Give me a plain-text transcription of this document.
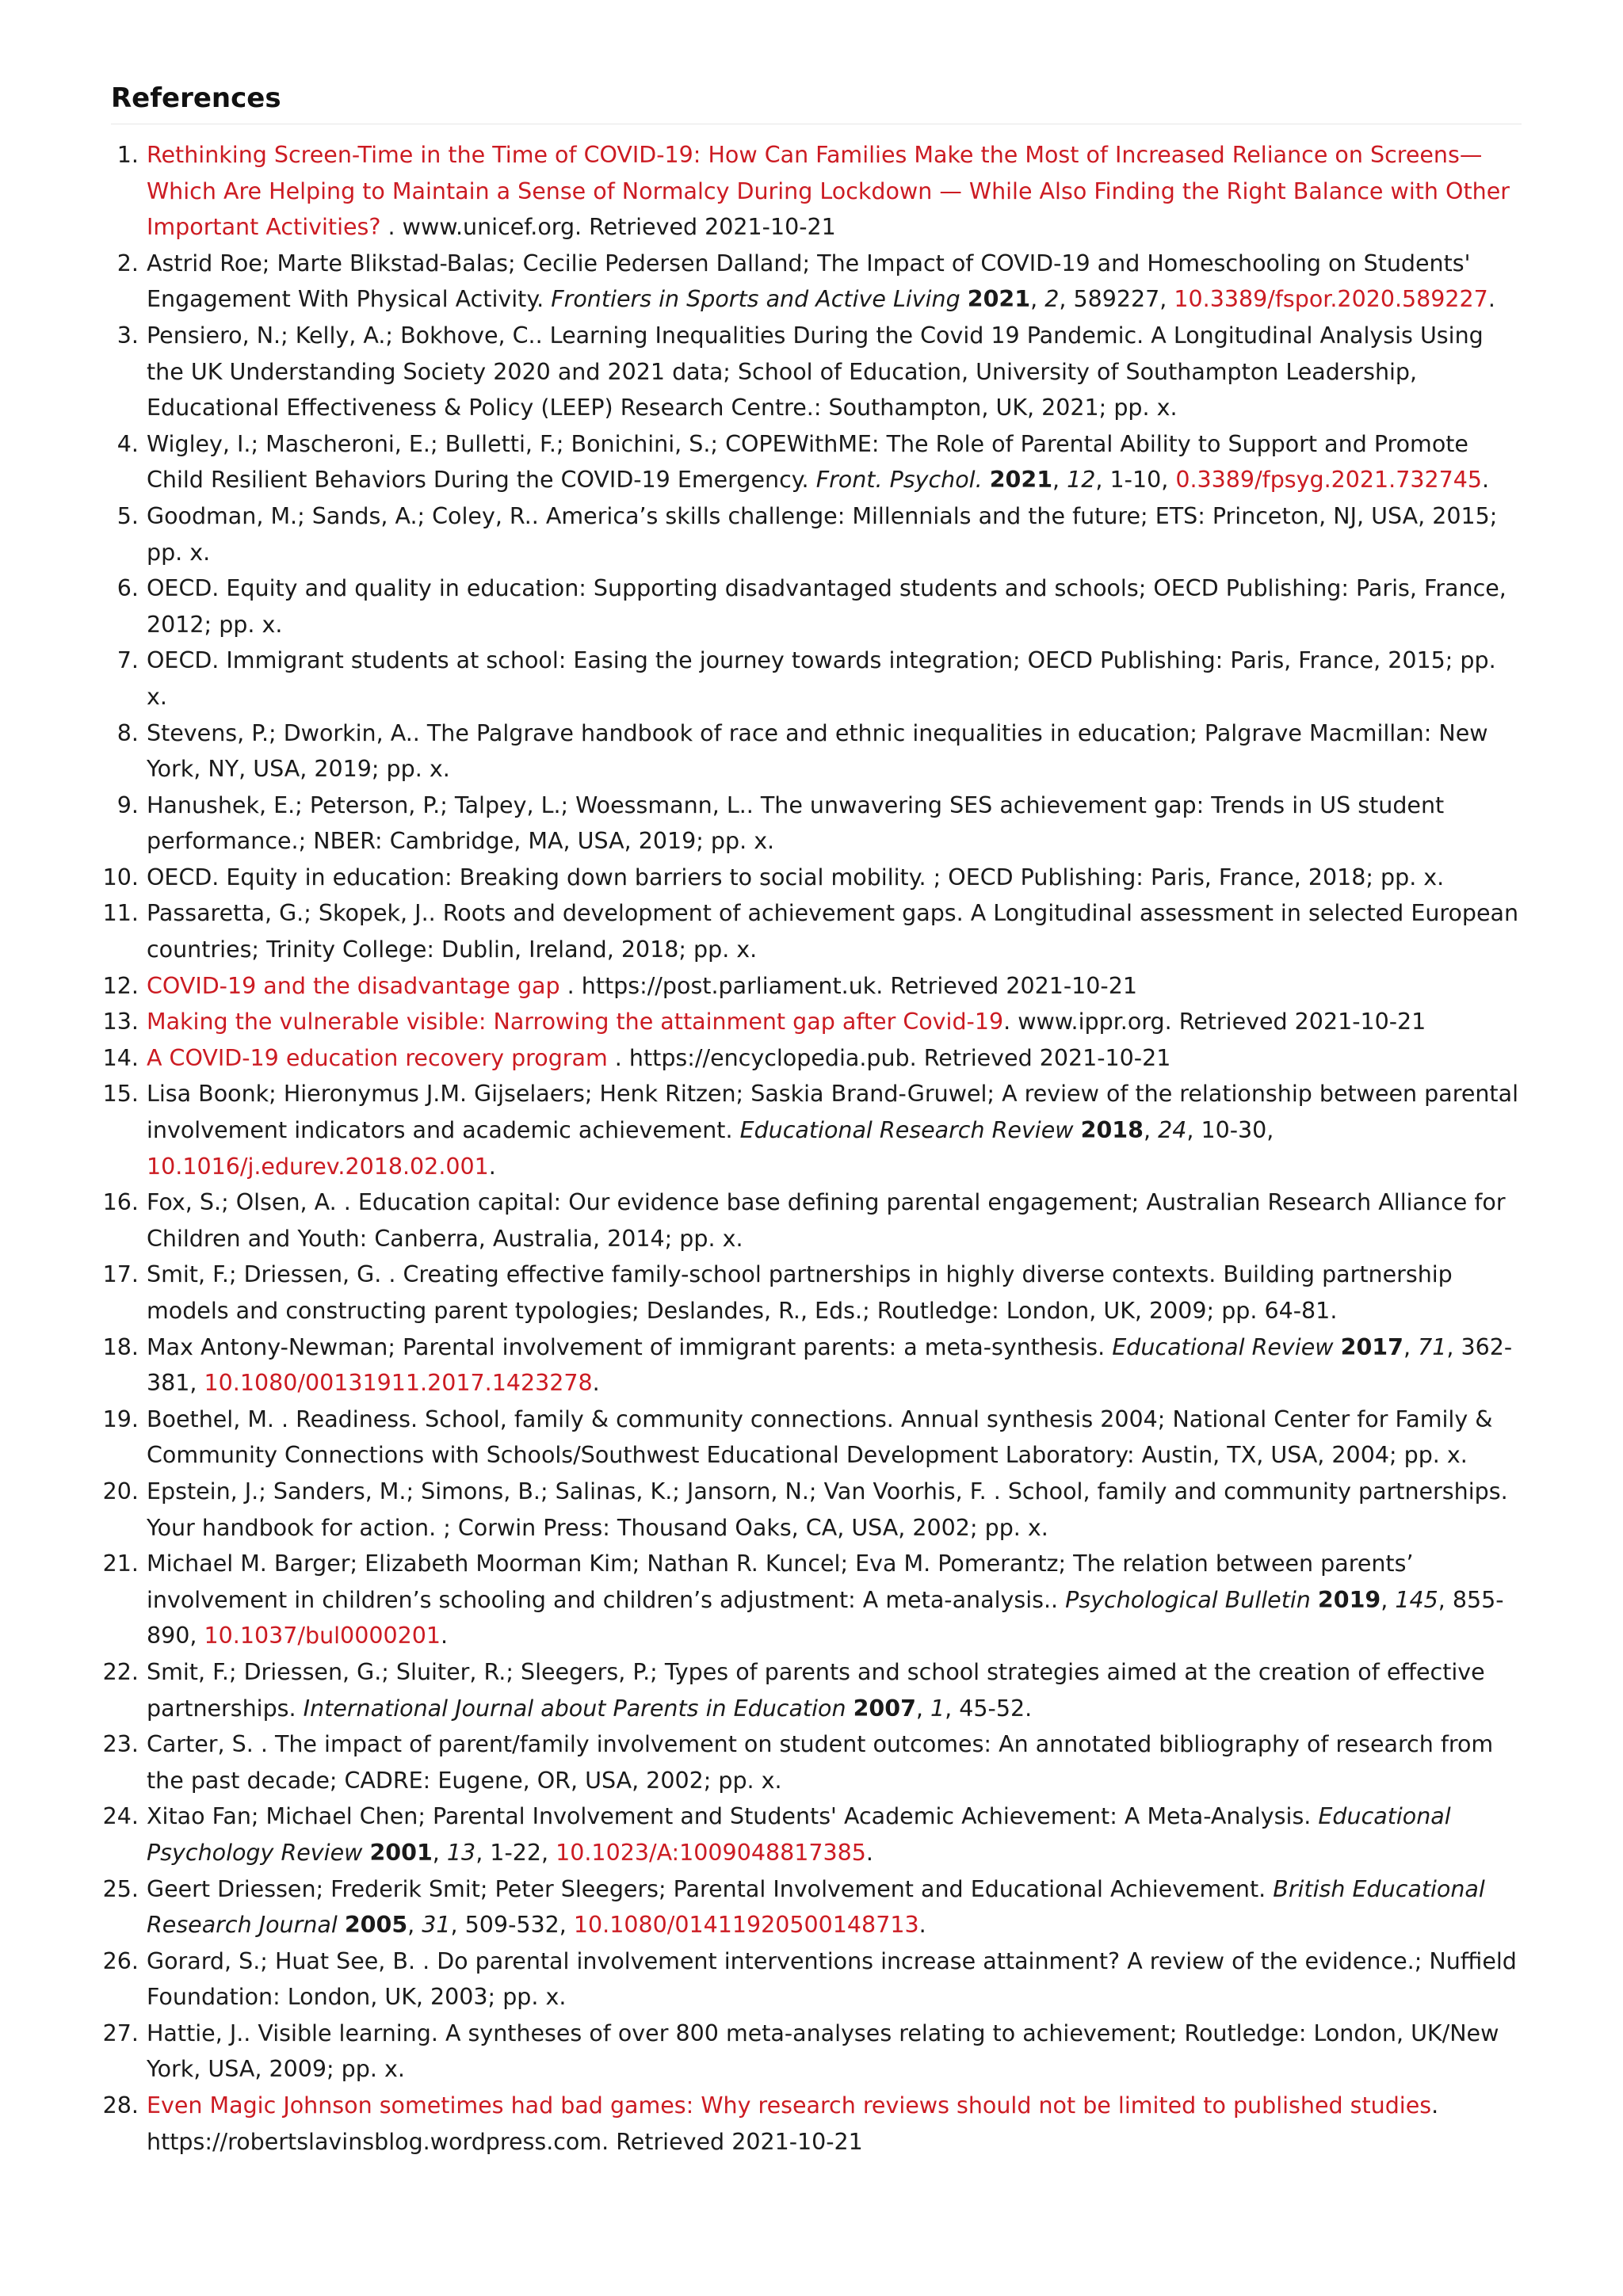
References
1. Rethinking Screen-Time in the Time of COVID-19: How Can Families Make the Most of Increased Reliance on Screens—Which Are Helping to Maintain a Sense of Normalcy During Lockdown — While Also Finding the Right Balance with Other Important Activities? . www.unicef.org. Retrieved 2021-10-21
2. Astrid Roe; Marte Blikstad-Balas; Cecilie Pedersen Dalland; The Impact of COVID-19 and Homeschooling on Students' Engagement With Physical Activity. Frontiers in Sports and Active Living 2021, 2, 589227, 10.3389/fspor.2020.589227.
3. Pensiero, N.; Kelly, A.; Bokhove, C.. Learning Inequalities During the Covid 19 Pandemic. A Longitudinal Analysis Using the UK Understanding Society 2020 and 2021 data; School of Education, University of Southampton Leadership, Educational Effectiveness & Policy (LEEP) Research Centre.: Southampton, UK, 2021; pp. x.
4. Wigley, I.; Mascheroni, E.; Bulletti, F.; Bonichini, S.; COPEWithME: The Role of Parental Ability to Support and Promote Child Resilient Behaviors During the COVID-19 Emergency. Front. Psychol. 2021, 12, 1-10, 0.3389/fpsyg.2021.732745.
5. Goodman, M.; Sands, A.; Coley, R.. America’s skills challenge: Millennials and the future; ETS: Princeton, NJ, USA, 2015; pp. x.
6. OECD. Equity and quality in education: Supporting disadvantaged students and schools; OECD Publishing: Paris, France, 2012; pp. x.
7. OECD. Immigrant students at school: Easing the journey towards integration; OECD Publishing: Paris, France, 2015; pp. x.
8. Stevens, P.; Dworkin, A.. The Palgrave handbook of race and ethnic inequalities in education; Palgrave Macmillan: New York, NY, USA, 2019; pp. x.
9. Hanushek, E.; Peterson, P.; Talpey, L.; Woessmann, L.. The unwavering SES achievement gap: Trends in US student performance.; NBER: Cambridge, MA, USA, 2019; pp. x.
10. OECD. Equity in education: Breaking down barriers to social mobility. ; OECD Publishing: Paris, France, 2018; pp. x.
11. Passaretta, G.; Skopek, J.. Roots and development of achievement gaps. A Longitudinal assessment in selected European countries; Trinity College: Dublin, Ireland, 2018; pp. x.
12. COVID-19 and the disadvantage gap . https://post.parliament.uk. Retrieved 2021-10-21
13. Making the vulnerable visible: Narrowing the attainment gap after Covid-19. www.ippr.org. Retrieved 2021-10-21
14. A COVID-19 education recovery program . https://encyclopedia.pub. Retrieved 2021-10-21
15. Lisa Boonk; Hieronymus J.M. Gijselaers; Henk Ritzen; Saskia Brand-Gruwel; A review of the relationship between parental involvement indicators and academic achievement. Educational Research Review 2018, 24, 10-30, 10.1016/j.edurev.2018.02.001.
16. Fox, S.; Olsen, A. . Education capital: Our evidence base defining parental engagement; Australian Research Alliance for Children and Youth: Canberra, Australia, 2014; pp. x.
17. Smit, F.; Driessen, G. . Creating effective family-school partnerships in highly diverse contexts. Building partnership models and constructing parent typologies; Deslandes, R., Eds.; Routledge: London, UK, 2009; pp. 64-81.
18. Max Antony-Newman; Parental involvement of immigrant parents: a meta-synthesis. Educational Review 2017, 71, 362-381, 10.1080/00131911.2017.1423278.
19. Boethel, M. . Readiness. School, family & community connections. Annual synthesis 2004; National Center for Family & Community Connections with Schools/Southwest Educational Development Laboratory: Austin, TX, USA, 2004; pp. x.
20. Epstein, J.; Sanders, M.; Simons, B.; Salinas, K.; Jansorn, N.; Van Voorhis, F. . School, family and community partnerships. Your handbook for action. ; Corwin Press: Thousand Oaks, CA, USA, 2002; pp. x.
21. Michael M. Barger; Elizabeth Moorman Kim; Nathan R. Kuncel; Eva M. Pomerantz; The relation between parents’ involvement in children’s schooling and children’s adjustment: A meta-analysis.. Psychological Bulletin 2019, 145, 855-890, 10.1037/bul0000201.
22. Smit, F.; Driessen, G.; Sluiter, R.; Sleegers, P.; Types of parents and school strategies aimed at the creation of effective partnerships. International Journal about Parents in Education 2007, 1, 45-52.
23. Carter, S. . The impact of parent/family involvement on student outcomes: An annotated bibliography of research from the past decade; CADRE: Eugene, OR, USA, 2002; pp. x.
24. Xitao Fan; Michael Chen; Parental Involvement and Students' Academic Achievement: A Meta-Analysis. Educational Psychology Review 2001, 13, 1-22, 10.1023/A:1009048817385.
25. Geert Driessen; Frederik Smit; Peter Sleegers; Parental Involvement and Educational Achievement. British Educational Research Journal 2005, 31, 509-532, 10.1080/01411920500148713.
26. Gorard, S.; Huat See, B. . Do parental involvement interventions increase attainment? A review of the evidence.; Nuffield Foundation: London, UK, 2003; pp. x.
27. Hattie, J.. Visible learning. A syntheses of over 800 meta-analyses relating to achievement; Routledge: London, UK/New York, USA, 2009; pp. x.
28. Even Magic Johnson sometimes had bad games: Why research reviews should not be limited to published studies. https://robertslavinsblog.wordpress.com. Retrieved 2021-10-21
